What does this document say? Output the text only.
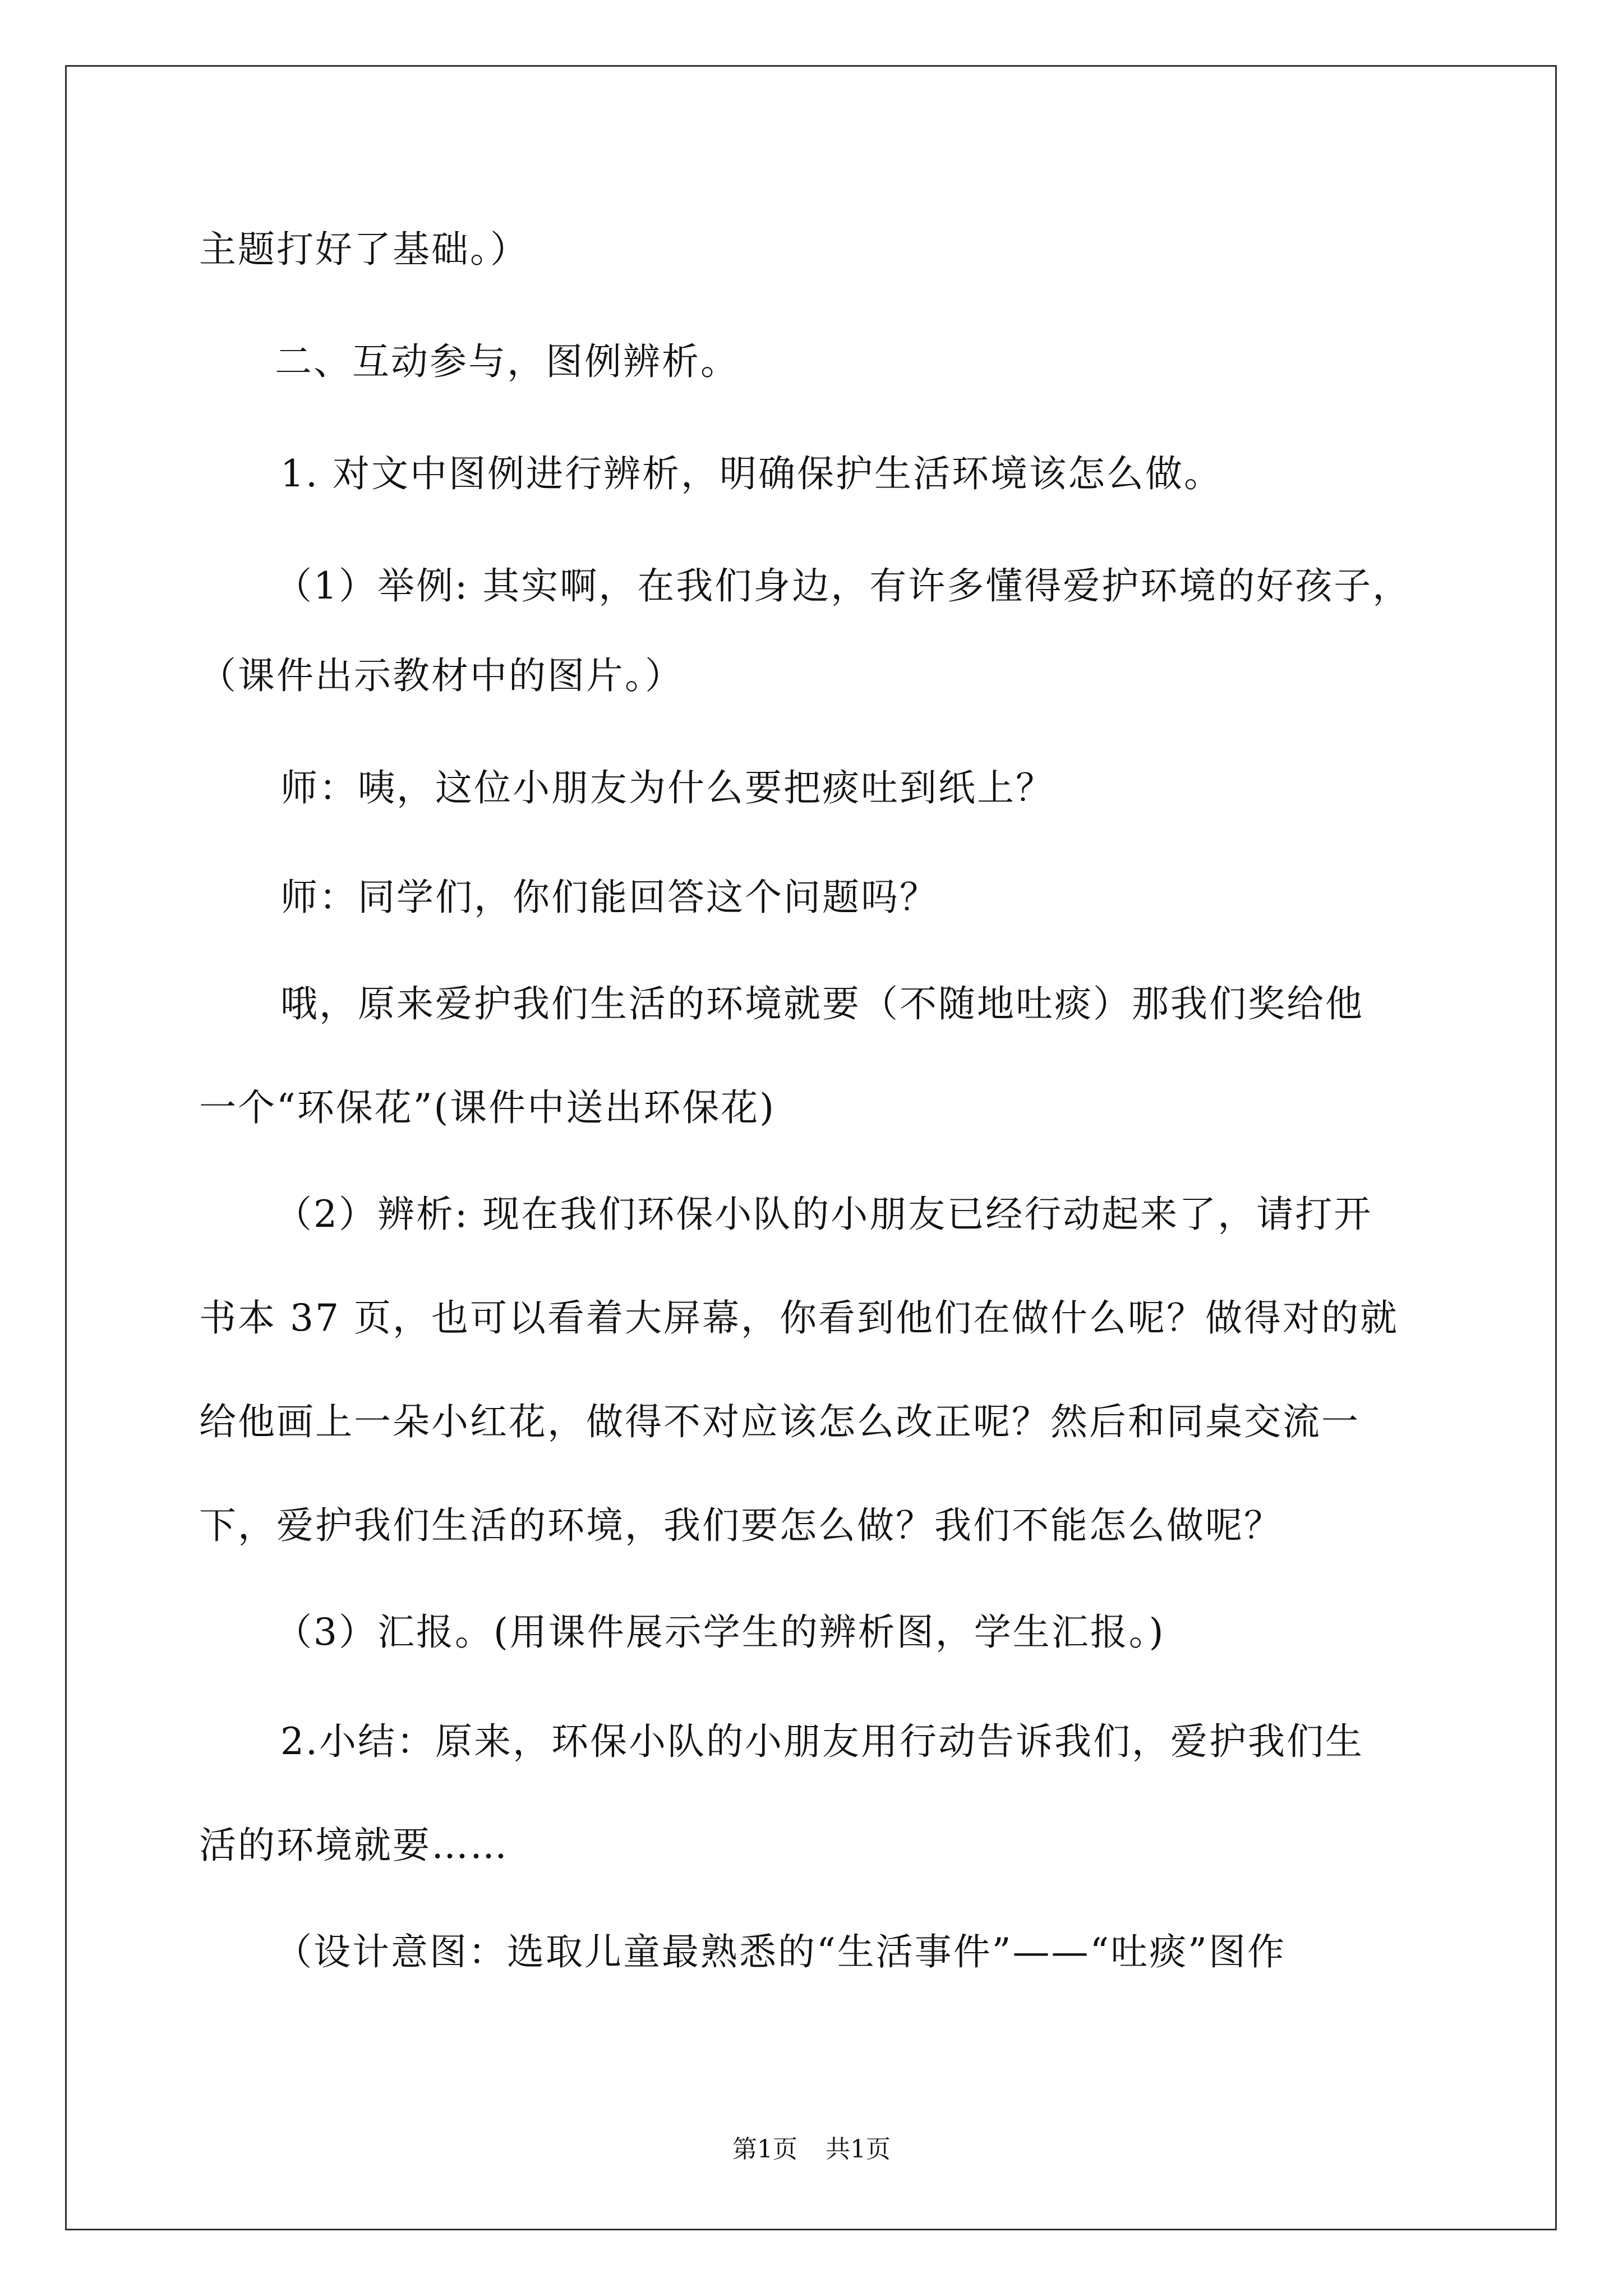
主题打好了基础。）
二、互动参与，图例辨析。
1. 对文中图例进行辨析，明确保护生活环境该怎么做。
（1）举例: 其实啊，在我们身边，有许多懂得爱护环境的好孩子，
（课件出示教材中的图片。）
师：咦，这位小朋友为什么要把痰吐到纸上？
师：同学们，你们能回答这个问题吗？
哦，原来爱护我们生活的环境就要（不随地吐痰）那我们奖给他
一个“环保花”(课件中送出环保花)
（2）辨析: 现在我们环保小队的小朋友已经行动起来了，请打开
书本 37 页，也可以看着大屏幕，你看到他们在做什么呢？做得对的就
给他画上一朵小红花，做得不对应该怎么改正呢？然后和同桌交流一
下，爱护我们生活的环境，我们要怎么做？我们不能怎么做呢？
（3）汇报。(用课件展示学生的辨析图，学生汇报。)
2.小结：原来，环保小队的小朋友用行动告诉我们，爱护我们生
活的环境就要……
（设计意图：选取儿童最熟悉的“生活事件”——“吐痰”图作
第1页 共1页
